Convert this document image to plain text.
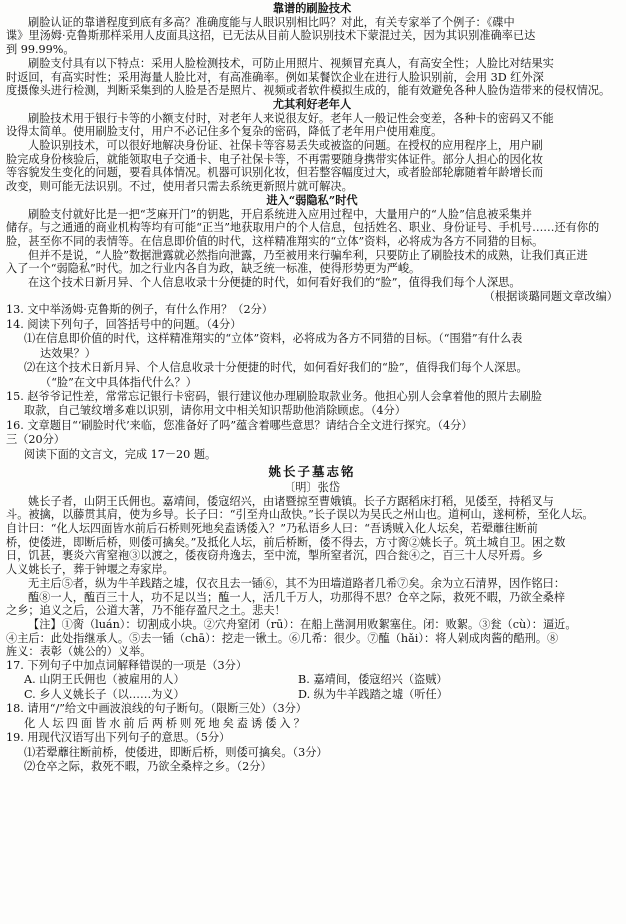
靠谱的刷脸技术
刷脸认证的靠谱程度到底有多高？准确度能与人眼识别相比吗？对此，有关专家举了个例子：《碟中
谍》里汤姆·克鲁斯那样采用人皮面具这招，已无法从目前人脸识别技术下蒙混过关，因为其识别准确率已达
到 99.99%。
刷脸支付具有以下特点：采用人脸检测技术，可防止用照片、视频冒充真人，有高安全性；人脸比对结果实
时返回，有高实时性；采用海量人脸比对，有高准确率。例如某餐饮企业在进行人脸识别前，会用 3D 红外深
度摄像头进行检测，判断采集到的人脸是否是照片、视频或者软件模拟生成的，能有效避免各种人脸伪造带来的侵权情况。
尤其利好老年人
刷脸技术用于银行卡等的小额支付时，对老年人来说很友好。老年人一般记性会变差，各种卡的密码又不能
设得太简单。使用刷脸支付，用户不必记住多个复杂的密码，降低了老年用户使用难度。
人脸识别技术，可以很好地解决身份证、社保卡等容易丢失或被盗的问题。在授权的应用程序上，用户刷
脸完成身份核验后，就能领取电子交通卡、电子社保卡等，不再需要随身携带实体证件。部分人担心的因化妆
等容貌发生变化的问题，要看具体情况。机器可识别化妆，但若整容幅度过大，或者脸部轮廓随着年龄增长而
改变，则可能无法识别。不过，使用者只需去系统更新照片就可解决。
进入“弱隐私”时代
刷脸支付就好比是一把“芝麻开门”的钥匙，开启系统进入应用过程中，大量用户的“人脸”信息被采集并
储存。与之通通的商业机构等均有可能“正当”地获取用户的个人信息，包括姓名、职业、身份证号、手机号……还有你的
脸，甚至你不同的表情等。在信息即价值的时代，这样精准翔实的“立体”资料，必将成为各方不同猎的目标。
但并不是说，“人脸”数据泄露就必然指向泄露，乃至被用来行骗牟利，只要防止了刷脸技术的成熟，让我们真正进
入了一个“弱隐私”时代。加之行业内各自为政，缺乏统一标准，使得形势更为严峻。
在这个技术日新月异、个人信息收录十分便捷的时代，如何看好我们的“脸”，值得我们每个人深思。
（根据谈璐同题文章改编）
13. 文中举汤姆·克鲁斯的例子，有什么作用？（2分）
14. 阅读下列句子，回答括号中的问题。（4分）
⑴在信息即价值的时代，这样精准翔实的“立体”资料，必将成为各方不同猎的目标。（“围猎”有什么表
达效果？）
⑵在这个技术日新月异、个人信息收录十分便捷的时代，如何看好我们的“脸”，值得我们每个人深思。
（“脸”在文中具体指代什么？）
15. 赵爷爷记性差，常常忘记银行卡密码，银行建议他办理刷脸取款业务。他担心别人会拿着他的照片去刷脸
取款，自己皱纹增多难以识别，请你用文中相关知识帮助他消除顾虑。（4分）
16. 文章题目“‘刷脸时代’来临，您准备好了吗”蕴含着哪些意思？请结合全文进行探究。（4分）
三（20分）
阅读下面的文言文，完成 17－20 题。
姚长子墓志铭
〔明〕张岱
姚长子者，山阴王氏佣也。嘉靖间，倭寇绍兴，由诸暨掠至曹娥镇。长子方踞稻床打稻，见倭至，持稻叉与
斗。被擒，以藤贯其肩，使为乡导。长子曰：“引至舟山敌快。”长子误以为吴氏之州山也。道柯山，遂柯桥，至化人坛。
自计曰：“化人坛四面皆水前后石桥则死地矣盍诱倭入？”乃私语乡人曰：“吾诱贼入化人坛矣，若翚蘼往断前
桥，使倭进，即断后桥，则倭可擒矣。”及抵化人坛，前后桥断，倭不得去，方寸脔②姚长子。筑土城自卫。困之数
日，饥甚，裹炎六宵窒袍③以渡之，倭夜窃舟逸去，至中流，掣所窒者沉，四合瓮④之，百三十人尽歼焉。乡
人义姚长子，葬于钟堰之寿家岸。
无主后⑤者，纵为牛羊践踏之墟，仅衣且去一锸⑥，其不为田墙道路者几希⑦矣。余为立石清界，因作铭曰：
醢⑧一人，醢百三十人，功不足以当；醢一人，活几千万人，功那得不思？仓卒之际，救死不暇，乃欲全桑梓
之乡；追义之后，公道大著，乃不能存盈尺之土。悲夫！
【注】①脔（luán）：切割成小块。②穴舟窒闭（rū）：在船上凿洞用败絮塞住。闭：败絮。③瓮（cù）：逼近。
④主后：此处指继承人。⑤去一锸（chā）：挖走一锹土。⑥几希：很少。⑦醢（hǎi）：将人剁成肉酱的酷刑。⑧
旌义：表彰（姚公的）义举。
17. 下列句子中加点词解释错误的一项是（3分）
A. 山阴王氏佣也（被雇用的人）	B. 嘉靖间，倭寇绍兴（盗贼）
C. 乡人义姚长子（以……为义）	D. 纵为牛羊践踏之墟（听任）
18. 请用“/”给文中画波浪线的句子断句。（限断三处）（3分）
化人坛四面皆水前后两桥则死地矣盍诱倭入？
19. 用现代汉语写出下列句子的意思。（5分）
⑴若翚蘼往断前桥，使倭进，即断后桥，则倭可擒矣。（3分）
⑵仓卒之际，救死不暇，乃欲全桑梓之乡。（2分）
